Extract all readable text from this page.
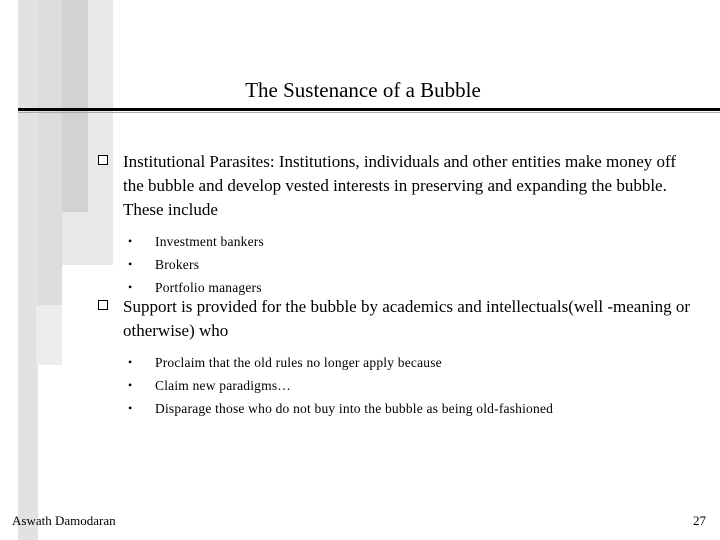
The Sustenance of a Bubble
Institutional Parasites: Institutions, individuals and other entities make money off the bubble and develop vested interests in preserving and expanding the bubble. These include
• Investment bankers
• Brokers
• Portfolio managers
Support is provided for the bubble by academics and intellectuals(well -meaning or otherwise) who
• Proclaim that the old rules no longer apply because
• Claim new paradigms…
• Disparage those who do not buy into the bubble as being old-fashioned
Aswath Damodaran	27
